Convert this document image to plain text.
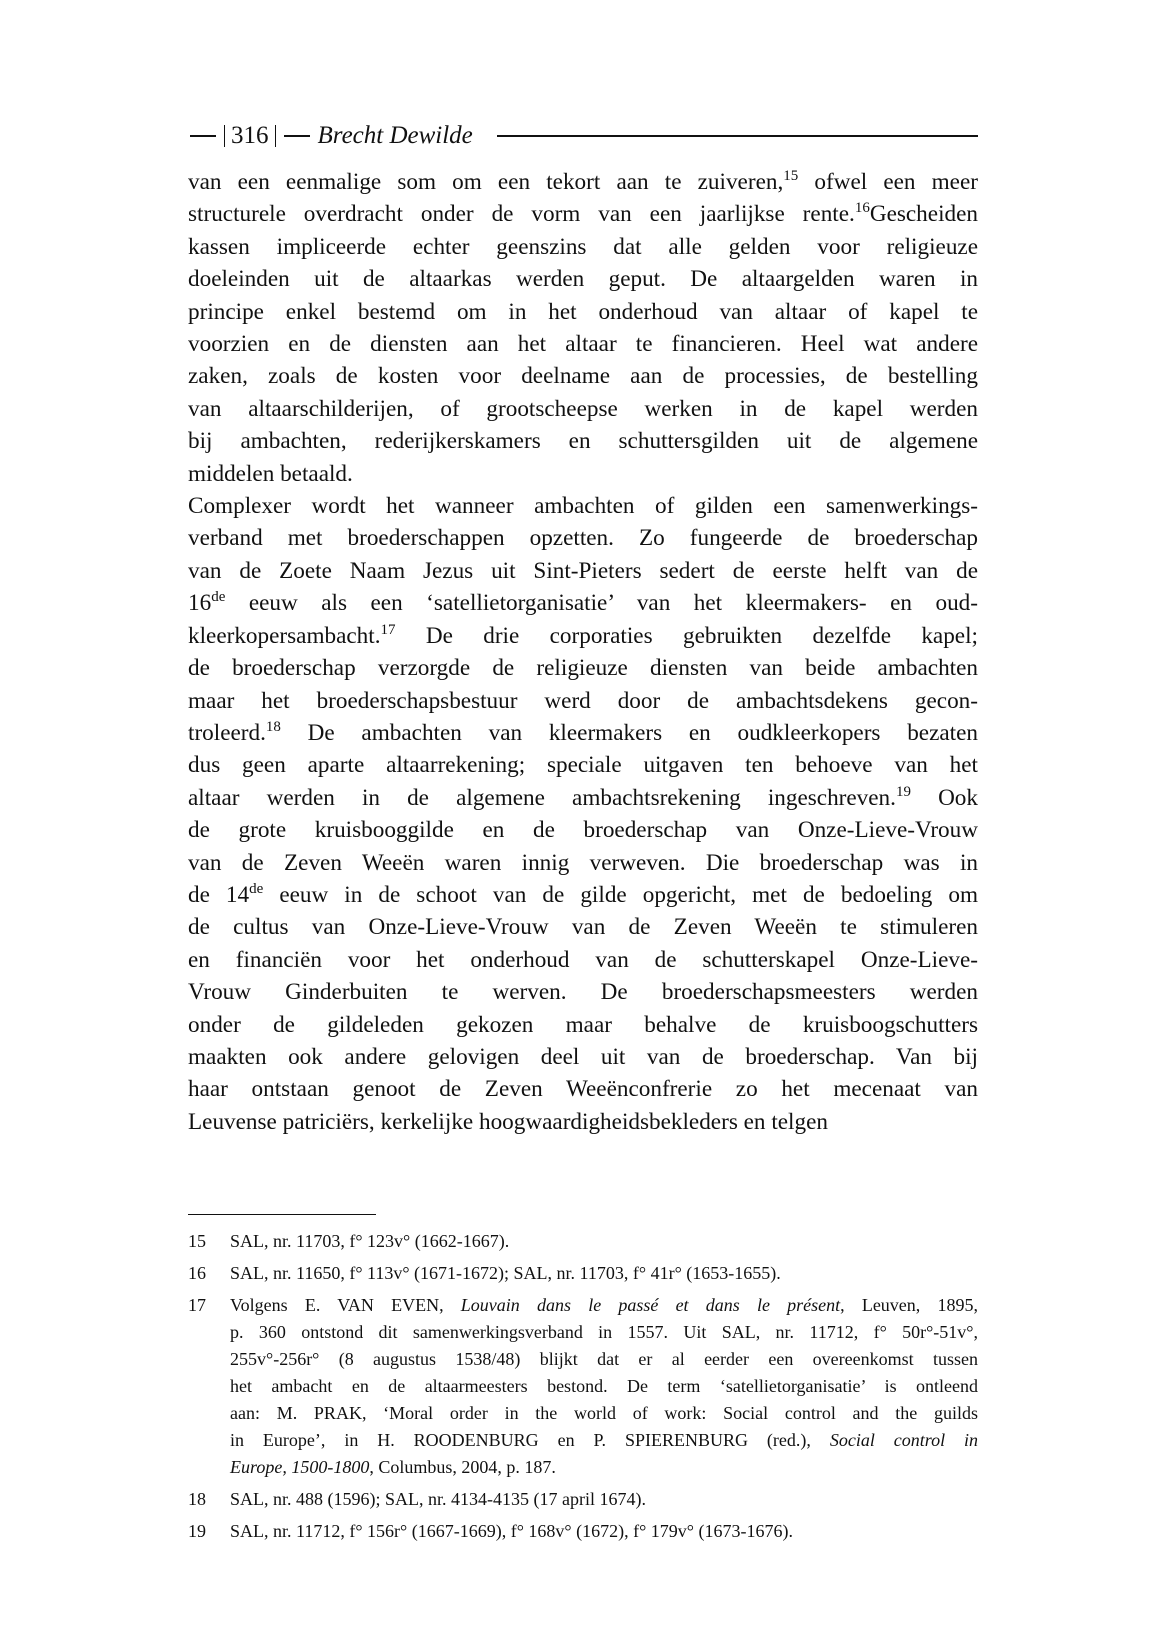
316 Brecht Dewilde
van een eenmalige som om een tekort aan te zuiveren,$^{15}$ ofwel een meer
structurele overdracht onder de vorm van een jaarlijkse rente.$^{16}$Gescheiden
kassen impliceerde echter geenszins dat alle gelden voor religieuze
doeleinden uit de altaarkas werden geput. De altaargelden waren in
principe enkel bestemd om in het onderhoud van altaar of kapel te
voorzien en de diensten aan het altaar te financieren. Heel wat andere
zaken, zoals de kosten voor deelname aan de processies, de bestelling
van altaarschilderijen, of grootscheepse werken in de kapel werden
bij ambachten, rederijkerskamers en schuttersgilden uit de algemene
middelen betaald.
Complexer wordt het wanneer ambachten of gilden een samenwerkings-
verband met broederschappen opzetten. Zo fungeerde de broederschap
van de Zoete Naam Jezus uit Sint-Pieters sedert de eerste helft van de
16de eeuw als een ‘satellietorganisatie’ van het kleermakers- en oud-
kleerkopersambacht.$^{17}$ De drie corporaties gebruikten dezelfde kapel;
de broederschap verzorgde de religieuze diensten van beide ambachten
maar het broederschapsbestuur werd door de ambachtsdekens gecon-
troleerd.$^{18}$ De ambachten van kleermakers en oudkleerkopers bezaten
dus geen aparte altaarrekening; speciale uitgaven ten behoeve van het
altaar werden in de algemene ambachtsrekening ingeschreven.$^{19}$ Ook
de grote kruisbooggilde en de broederschap van Onze-Lieve-Vrouw
van de Zeven Weeën waren innig verweven. Die broederschap was in
de 14de eeuw in de schoot van de gilde opgericht, met de bedoeling om
de cultus van Onze-Lieve-Vrouw van de Zeven Weeën te stimuleren
en financiën voor het onderhoud van de schutterskapel Onze-Lieve-
Vrouw Ginderbuiten te werven. De broederschapsmeesters werden
onder de gildeleden gekozen maar behalve de kruisboogschutters
maakten ook andere gelovigen deel uit van de broederschap. Van bij
haar ontstaan genoot de Zeven Weeënconfrerie zo het mecenaat van
Leuvense patriciërs, kerkelijke hoogwaardigheidsbekleders en telgen
15	SAL, nr. 11703, f° 123v° (1662-1667).
16	SAL, nr. 11650, f° 113v° (1671-1672); SAL, nr. 11703, f° 41r° (1653-1655).
17	Volgens E. VAN EVEN, Louvain dans le passé et dans le présent, Leuven, 1895,
p. 360 ontstond dit samenwerkingsverband in 1557. Uit SAL, nr. 11712, f° 50r°-51v°,
255v°-256r° (8 augustus 1538/48) blijkt dat er al eerder een overeenkomst tussen
het ambacht en de altaarmeesters bestond. De term ‘satellietorganisatie’ is ontleend
aan: M. PRAK, ‘Moral order in the world of work: Social control and the guilds
in Europe’, in H. ROODENBURG en P. SPIERENBURG (red.), Social control in
Europe, 1500-1800, Columbus, 2004, p. 187.
18	SAL, nr. 488 (1596); SAL, nr. 4134-4135 (17 april 1674).
19	SAL, nr. 11712, f° 156r° (1667-1669), f° 168v° (1672), f° 179v° (1673-1676).
